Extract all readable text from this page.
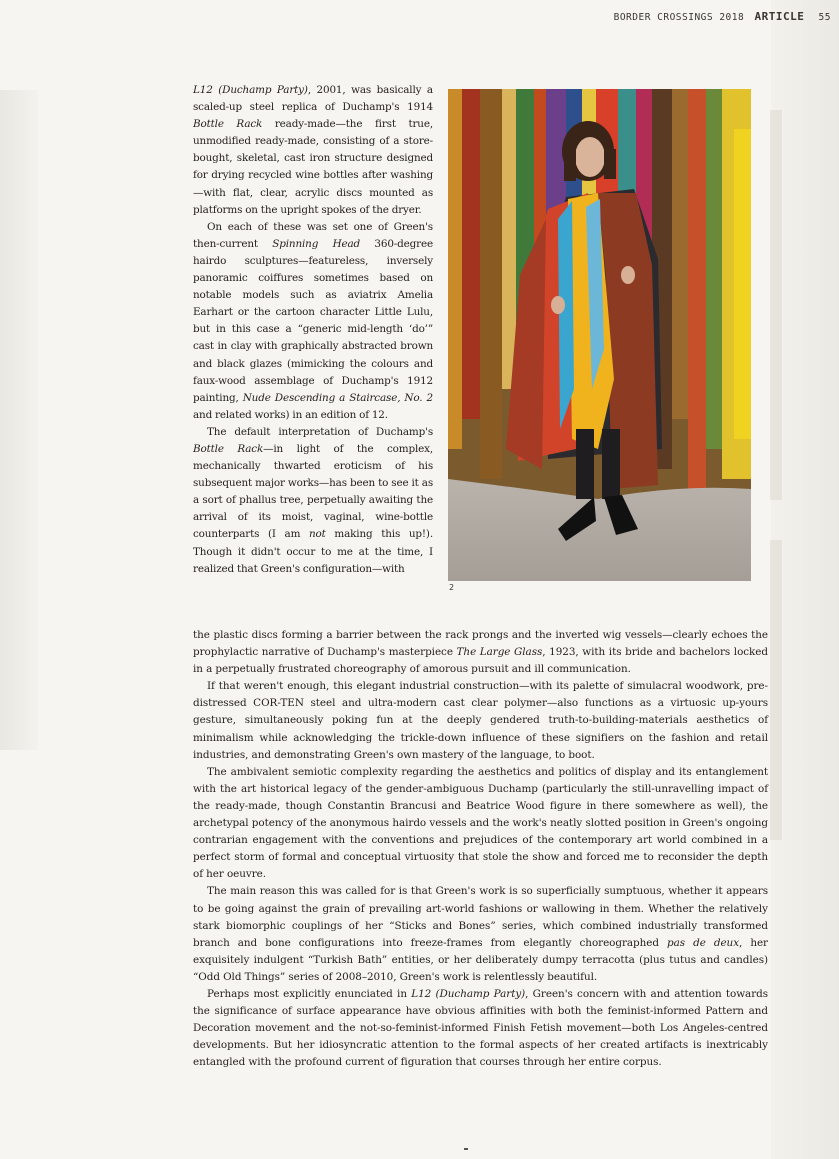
BORDER CROSSINGS 2018 ARTICLE 55

L12 (Duchamp Party), 2001, was basically a scaled-up steel replica of Duchamp's 1914 Bottle Rack ready-made—the first true, unmodified ready-made, consisting of a store-bought, skeletal, cast iron structure designed for drying recycled wine bottles after washing—with flat, clear, acrylic discs mounted as platforms on the upright spokes of the dryer.

On each of these was set one of Green's then-current Spinning Head 360-degree hairdo sculptures—featureless, inversely panoramic coiffures sometimes based on notable models such as aviatrix Amelia Earhart or the cartoon character Little Lulu, but in this case a “generic mid-length ‘do’” cast in clay with graphically abstracted brown and black glazes (mimicking the colours and faux-wood assemblage of Duchamp's 1912 painting, Nude Descending a Staircase, No. 2 and related works) in an edition of 12.

The default interpretation of Duchamp's Bottle Rack—in light of the complex, mechanically thwarted eroticism of his subsequent major works—has been to see it as a sort of phallus tree, perpetually awaiting the arrival of its moist, vaginal, wine-bottle counterparts (I am not making this up!). Though it didn't occur to me at the time, I realized that Green's configuration—with

2

the plastic discs forming a barrier between the rack prongs and the inverted wig vessels—clearly echoes the prophylactic narrative of Duchamp's masterpiece The Large Glass, 1923, with its bride and bachelors locked in a perpetually frustrated choreography of amorous pursuit and ill communication.

If that weren't enough, this elegant industrial construction—with its palette of simulacral woodwork, pre-distressed COR-TEN steel and ultra-modern cast clear polymer—also functions as a virtuosic up-yours gesture, simultaneously poking fun at the deeply gendered truth-to-building-materials aesthetics of minimalism while acknowledging the trickle-down influence of these signifiers on the fashion and retail industries, and demonstrating Green's own mastery of the language, to boot.

The ambivalent semiotic complexity regarding the aesthetics and politics of display and its entanglement with the art historical legacy of the gender-ambiguous Duchamp (particularly the still-unravelling impact of the ready-made, though Constantin Brancusi and Beatrice Wood figure in there somewhere as well), the archetypal potency of the anonymous hairdo vessels and the work's neatly slotted position in Green's ongoing contrarian engagement with the conventions and prejudices of the contemporary art world combined in a perfect storm of formal and conceptual virtuosity that stole the show and forced me to reconsider the depth of her oeuvre.

The main reason this was called for is that Green's work is so superficially sumptuous, whether it appears to be going against the grain of prevailing art-world fashions or wallowing in them. Whether the relatively stark biomorphic couplings of her “Sticks and Bones” series, which combined industrially transformed branch and bone configurations into freeze-frames from elegantly choreographed pas de deux, her exquisitely indulgent “Turkish Bath” entities, or her deliberately dumpy terracotta (plus tutus and candles) “Odd Old Things” series of 2008–2010, Green's work is relentlessly beautiful.

Perhaps most explicitly enunciated in L12 (Duchamp Party), Green's concern with and attention towards the significance of surface appearance have obvious affinities with both the feminist-informed Pattern and Decoration movement and the not-so-feminist-informed Finish Fetish movement—both Los Angeles-centred developments. But her idiosyncratic attention to the formal aspects of her created artifacts is inextricably entangled with the profound current of figuration that courses through her entire corpus.
